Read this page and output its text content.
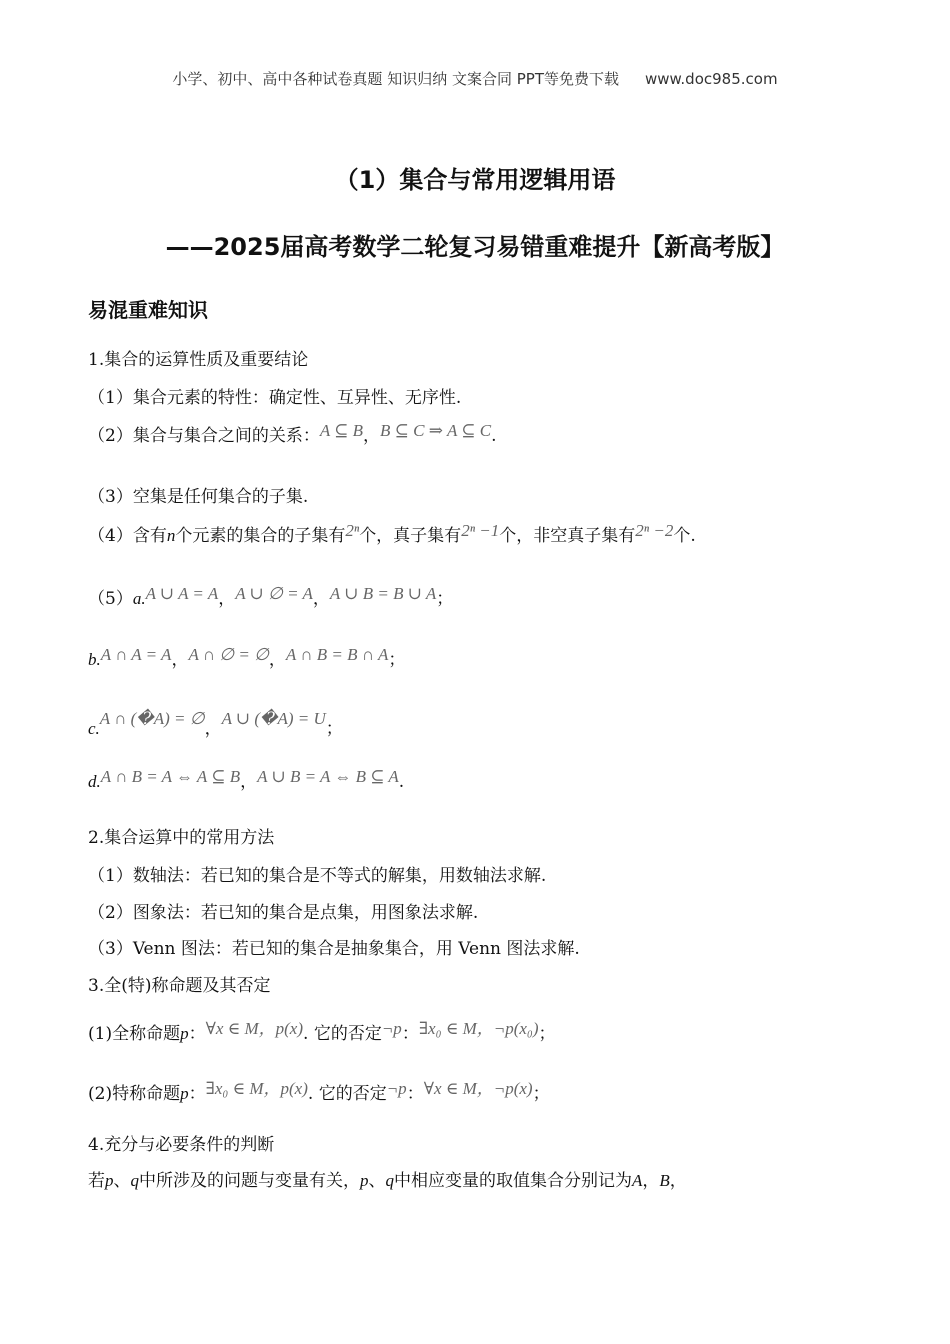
小学、初中、高中各种试卷真题 知识归纳 文案合同 PPT等免费下载 www.doc985.com
（1）集合与常用逻辑用语
——2025届高考数学二轮复习易错重难提升【新高考版】
易混重难知识
1.集合的运算性质及重要结论
（1）集合元素的特性：确定性、互异性、无序性.
（2）集合与集合之间的关系：A ⊆ B，B ⊆ C ⇒ A ⊆ C.
（3）空集是任何集合的子集.
（4）含有n个元素的集合的子集有2ⁿ个，真子集有2ⁿ −1个，非空真子集有2ⁿ −2个.
（5）a.A ∪ A = A，A ∪ ∅ = A，A ∪ B = B ∪ A；
b.A ∩ A = A，A ∩ ∅ = ∅，A ∩ B = B ∩ A；
c.A ∩ (�A) = ∅，A ∪ (�A) = U；
d.A ∩ B = A ⇔ A ⊆ B，A ∪ B = A ⇔ B ⊆ A.
2.集合运算中的常用方法
（1）数轴法：若已知的集合是不等式的解集，用数轴法求解.
（2）图象法：若已知的集合是点集，用图象法求解.
（3）Venn 图法：若已知的集合是抽象集合，用 Venn 图法求解.
3.全(特)称命题及其否定
(1)全称命题p：∀x ∈ M，p(x). 它的否定¬p：∃x₀ ∈ M，¬p(x₀)；
(2)特称命题p：∃x₀ ∈ M，p(x). 它的否定¬p：∀x ∈ M，¬p(x)；
4.充分与必要条件的判断
若p、q中所涉及的问题与变量有关，p、q中相应变量的取值集合分别记为A，B，
